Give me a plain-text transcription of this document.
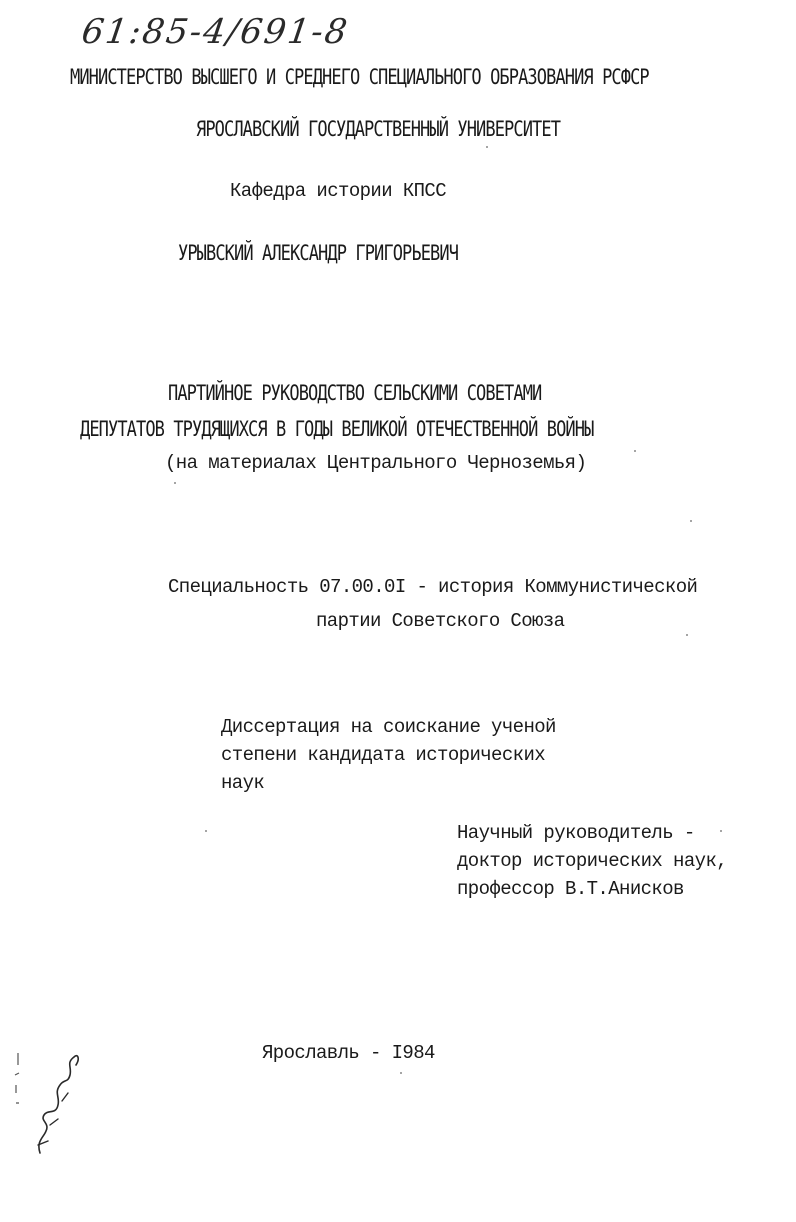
61:85-4/691-8
МИНИСТЕРСТВО ВЫСШЕГО И СРЕДНЕГО СПЕЦИАЛЬНОГО ОБРАЗОВАНИЯ РСФСР
ЯРОСЛАВСКИЙ ГОСУДАРСТВЕННЫЙ УНИВЕРСИТЕТ
Кафедра истории КПСС
УРЫВСКИЙ АЛЕКСАНДР ГРИГОРЬЕВИЧ
ПАРТИЙНОЕ РУКОВОДСТВО СЕЛЬСКИМИ СОВЕТАМИ
ДЕПУТАТОВ ТРУДЯЩИХСЯ В ГОДЫ ВЕЛИКОЙ ОТЕЧЕСТВЕННОЙ ВОЙНЫ
(на материалах Центрального Черноземья)
Специальность 07.00.0I - история Коммунистической
партии Советского Союза
Диссертация на соискание ученой
степени кандидата исторических
наук
Научный руководитель -
доктор исторических наук,
профессор В.Т.Анисков
Ярославль - I984
